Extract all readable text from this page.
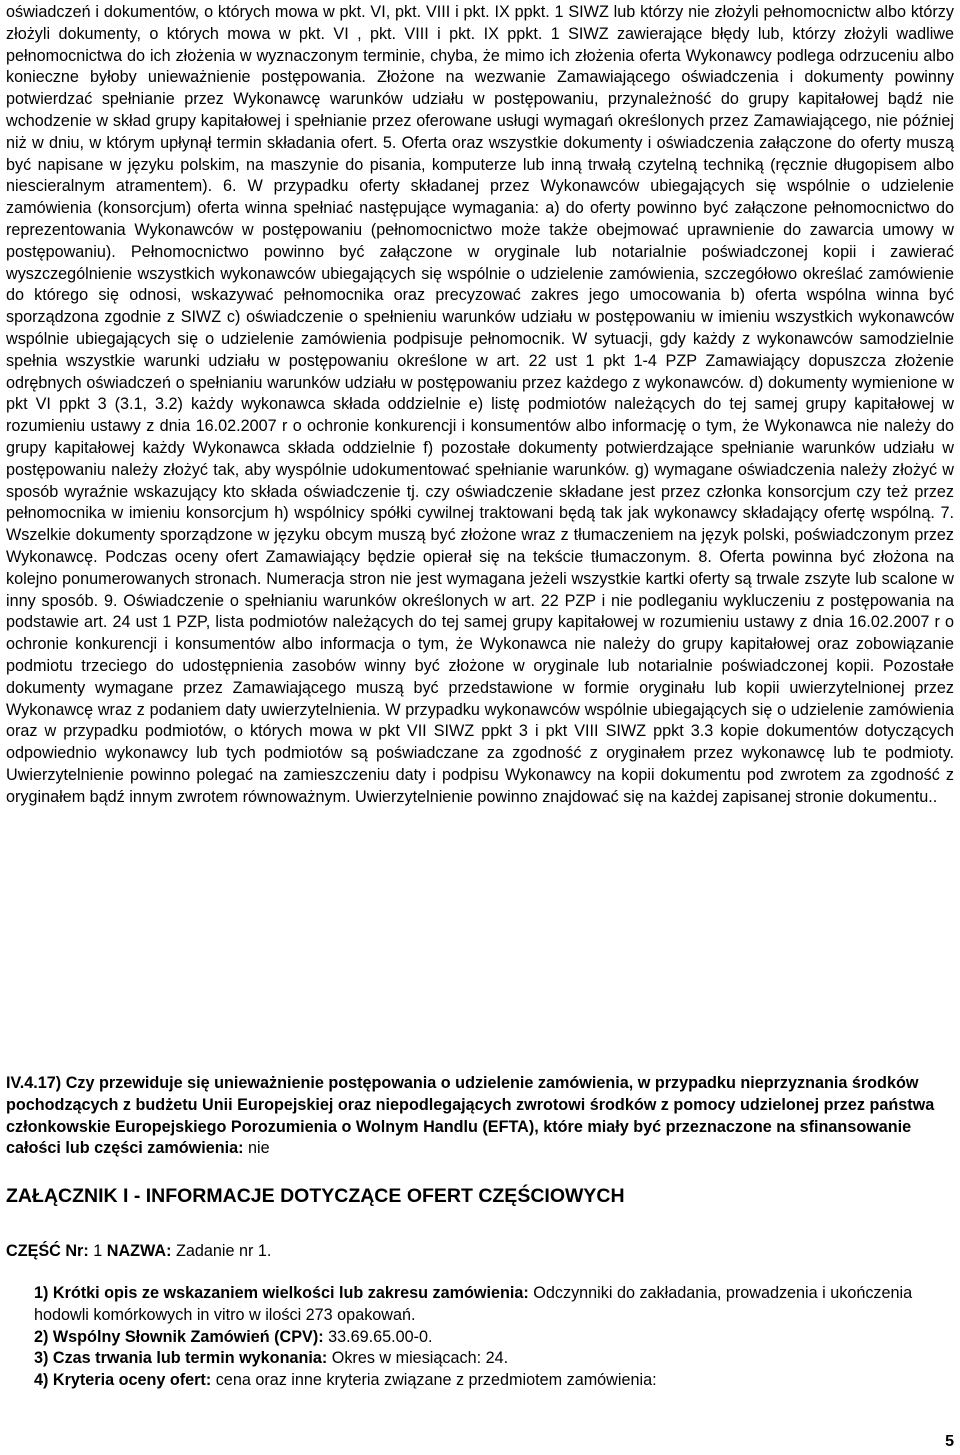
oświadczeń i dokumentów, o których mowa w pkt. VI, pkt. VIII i pkt. IX ppkt. 1 SIWZ lub którzy nie złożyli pełnomocnictw albo którzy złożyli dokumenty, o których mowa w pkt. VI , pkt. VIII i pkt. IX ppkt. 1 SIWZ zawierające błędy lub, którzy złożyli wadliwe pełnomocnictwa do ich złożenia w wyznaczonym terminie, chyba, że mimo ich złożenia oferta Wykonawcy podlega odrzuceniu albo konieczne byłoby unieważnienie postępowania. Złożone na wezwanie Zamawiającego oświadczenia i dokumenty powinny potwierdzać spełnianie przez Wykonawcę warunków udziału w postępowaniu, przynależność do grupy kapitałowej bądź nie wchodzenie w skład grupy kapitałowej i spełnianie przez oferowane usługi wymagań określonych przez Zamawiającego, nie później niż w dniu, w którym upłynął termin składania ofert. 5. Oferta oraz wszystkie dokumenty i oświadczenia załączone do oferty muszą być napisane w języku polskim, na maszynie do pisania, komputerze lub inną trwałą czytelną techniką (ręcznie długopisem albo niescieralnym atramentem). 6. W przypadku oferty składanej przez Wykonawców ubiegających się wspólnie o udzielenie zamówienia (konsorcjum) oferta winna spełniać następujące wymagania: a) do oferty powinno być załączone pełnomocnictwo do reprezentowania Wykonawców w postępowaniu (pełnomocnictwo może także obejmować uprawnienie do zawarcia umowy w postępowaniu). Pełnomocnictwo powinno być załączone w oryginale lub notarialnie poświadczonej kopii i zawierać wyszczególnienie wszystkich wykonawców ubiegających się wspólnie o udzielenie zamówienia, szczegółowo określać zamówienie do którego się odnosi, wskazywać pełnomocnika oraz precyzować zakres jego umocowania b) oferta wspólna winna być sporządzona zgodnie z SIWZ c) oświadczenie o spełnieniu warunków udziału w postępowaniu w imieniu wszystkich wykonawców wspólnie ubiegających się o udzielenie zamówienia podpisuje pełnomocnik. W sytuacji, gdy każdy z wykonawców samodzielnie spełnia wszystkie warunki udziału w postępowaniu określone w art. 22 ust 1 pkt 1-4 PZP Zamawiający dopuszcza złożenie odrębnych oświadczeń o spełnianiu warunków udziału w postępowaniu przez każdego z wykonawców. d) dokumenty wymienione w pkt VI ppkt 3 (3.1, 3.2) każdy wykonawca składa oddzielnie e) listę podmiotów należących do tej samej grupy kapitałowej w rozumieniu ustawy z dnia 16.02.2007 r o ochronie konkurencji i konsumentów albo informację o tym, że Wykonawca nie należy do grupy kapitałowej każdy Wykonawca składa oddzielnie f) pozostałe dokumenty potwierdzające spełnianie warunków udziału w postępowaniu należy złożyć tak, aby wyspólnie udokumentować spełnianie warunków. g) wymagane oświadczenia należy złożyć w sposób wyraźnie wskazujący kto składa oświadczenie tj. czy oświadczenie składane jest przez członka konsorcjum czy też przez pełnomocnika w imieniu konsorcjum h) wspólnicy spółki cywilnej traktowani będą tak jak wykonawcy składający ofertę wspólną. 7. Wszelkie dokumenty sporządzone w języku obcym muszą być złożone wraz z tłumaczeniem na język polski, poświadczonym przez Wykonawcę. Podczas oceny ofert Zamawiający będzie opierał się na tekście tłumaczonym. 8. Oferta powinna być złożona na kolejno ponumerowanych stronach. Numeracja stron nie jest wymagana jeżeli wszystkie kartki oferty są trwale zszyte lub scalone w inny sposób. 9. Oświadczenie o spełnianiu warunków określonych w art. 22 PZP i nie podleganiu wykluczeniu z postępowania na podstawie art. 24 ust 1 PZP, lista podmiotów należących do tej samej grupy kapitałowej w rozumieniu ustawy z dnia 16.02.2007 r o ochronie konkurencji i konsumentów albo informacja o tym, że Wykonawca nie należy do grupy kapitałowej oraz zobowiązanie podmiotu trzeciego do udostępnienia zasobów winny być złożone w oryginale lub notarialnie poświadczonej kopii. Pozostałe dokumenty wymagane przez Zamawiającego muszą być przedstawione w formie oryginału lub kopii uwierzytelnionej przez Wykonawcę wraz z podaniem daty uwierzytelnienia. W przypadku wykonawców wspólnie ubiegających się o udzielenie zamówienia oraz w przypadku podmiotów, o których mowa w pkt VII SIWZ ppkt 3 i pkt VIII SIWZ ppkt 3.3 kopie dokumentów dotyczących odpowiednio wykonawcy lub tych podmiotów są poświadczane za zgodność z oryginałem przez wykonawcę lub te podmioty. Uwierzytelnienie powinno polegać na zamieszczeniu daty i podpisu Wykonawcy na kopii dokumentu pod zwrotem za zgodność z oryginałem bądź innym zwrotem równoważnym. Uwierzytelnienie powinno znajdować się na każdej zapisanej stronie dokumentu..

IV.4.17) Czy przewiduje się unieważnienie postępowania o udzielenie zamówienia, w przypadku nieprzyznania środków pochodzących z budżetu Unii Europejskiej oraz niepodlegających zwrotowi środków z pomocy udzielonej przez państwa członkowskie Europejskiego Porozumienia o Wolnym Handlu (EFTA), które miały być przeznaczone na sfinansowanie całości lub części zamówienia: nie

ZAŁĄCZNIK I - INFORMACJE DOTYCZĄCE OFERT CZĘŚCIOWYCH

CZĘŚĆ Nr: 1 NAZWA: Zadanie nr 1.

1) Krótki opis ze wskazaniem wielkości lub zakresu zamówienia: Odczynniki do zakładania, prowadzenia i ukończenia hodowli komórkowych in vitro w ilości 273 opakowań.

2) Wspólny Słownik Zamówień (CPV): 33.69.65.00-0.

3) Czas trwania lub termin wykonania: Okres w miesiącach: 24.

4) Kryteria oceny ofert: cena oraz inne kryteria związane z przedmiotem zamówienia:

5
